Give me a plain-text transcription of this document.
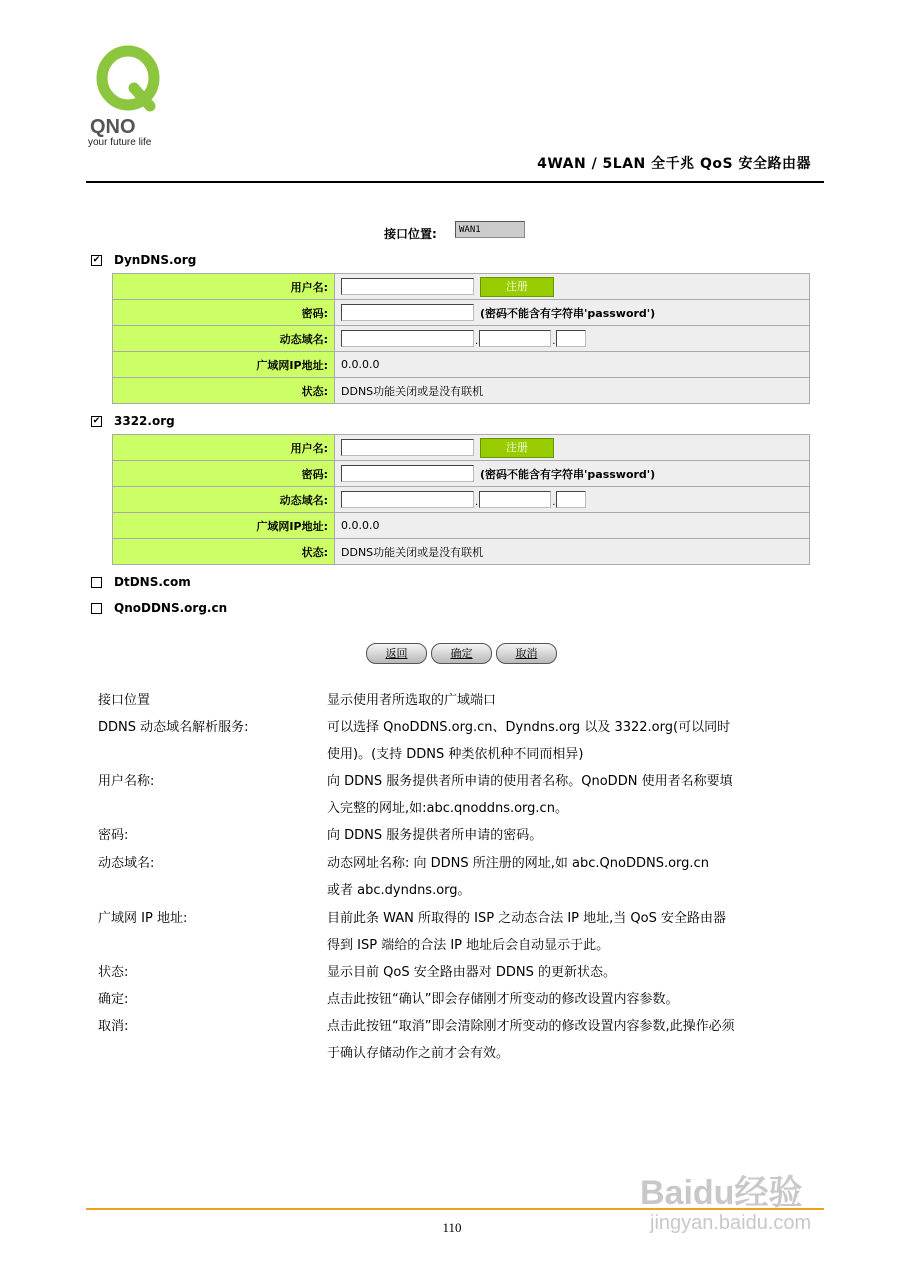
QNO
your future life
4WAN / 5LAN 全千兆 QoS 安全路由器
接口位置:	WAN1
✔ DynDNS.org
用户名:	注册
密码:	(密码不能含有字符串'password')
动态域名:	. .
广域网IP地址:	0.0.0.0
状态:	DDNS功能关闭或是没有联机
✔ 3322.org
用户名:	注册
密码:	(密码不能含有字符串'password')
动态域名:	. .
广域网IP地址:	0.0.0.0
状态:	DDNS功能关闭或是没有联机
DtDNS.com
QnoDDNS.org.cn
返回	确定	取消
接口位置	显示使用者所选取的广域端口
DDNS 动态域名解析服务:	可以选择 QnoDDNS.org.cn、Dyndns.org 以及 3322.org(可以同时
使用)。(支持 DDNS 种类依机种不同而相异)
用户名称:	向 DDNS 服务提供者所申请的使用者名称。QnoDDN 使用者名称要填
入完整的网址,如:abc.qnoddns.org.cn。
密码:	向 DDNS 服务提供者所申请的密码。
动态域名:	动态网址名称: 向 DDNS 所注册的网址,如 abc.QnoDDNS.org.cn
或者 abc.dyndns.org。
广域网 IP 地址:	目前此条 WAN 所取得的 ISP 之动态合法 IP 地址,当 QoS 安全路由器
得到 ISP 端给的合法 IP 地址后会自动显示于此。
状态:	显示目前 QoS 安全路由器对 DDNS 的更新状态。
确定:	点击此按钮“确认”即会存储刚才所变动的修改设置内容参数。
取消:	点击此按钮“取消”即会清除刚才所变动的修改设置内容参数,此操作必须
于确认存储动作之前才会有效。
110
Baidu经验
jingyan.baidu.com
